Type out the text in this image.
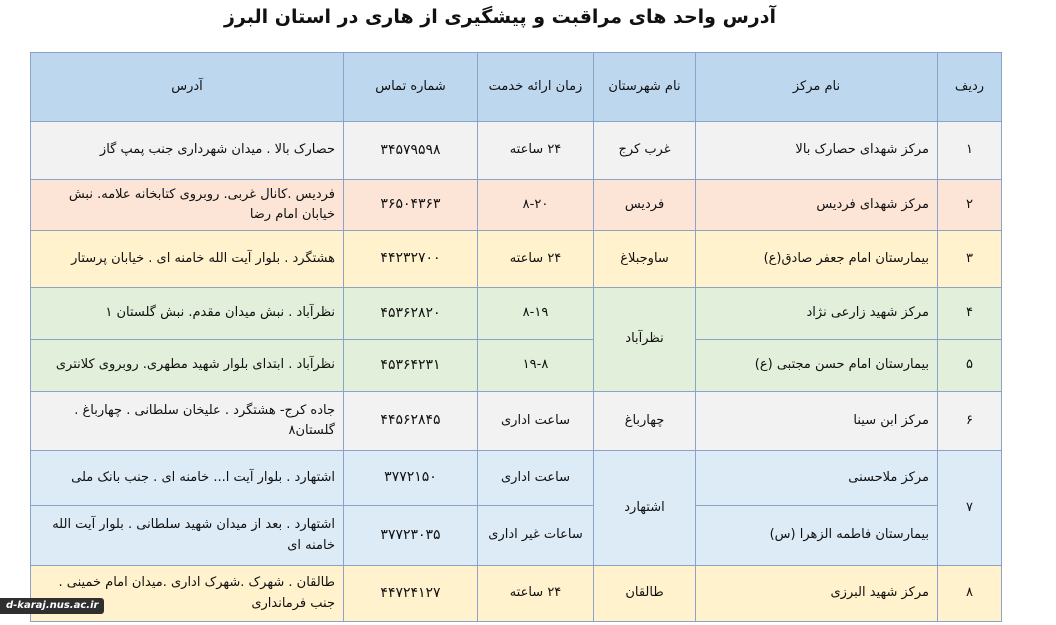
آدرس واحد های مراقبت و پیشگیری از هاری در استان البرز
ردیف	نام مرکز	نام شهرستان	زمان ارائه خدمت	شماره تماس	آدرس
۱	مرکز شهدای حصارک بالا	غرب کرج	۲۴ ساعته	۳۴۵۷۹۵۹۸	حصارک بالا . میدان شهرداری جنب پمپ گاز
۲	مرکز شهدای فردیس	فردیس	۸-۲۰	۳۶۵۰۴۳۶۳	فردیس .کانال غربی. روبروی کتابخانه علامه. نبش خیابان امام رضا
۳	بیمارستان امام جعفر صادق(ع)	ساوجبلاغ	۲۴ ساعته	۴۴۲۳۲۷۰۰	هشتگرد . بلوار آیت الله خامنه ای . خیابان پرستار
۴	مرکز شهید زارعی نژاد	نظرآباد	۸-۱۹	۴۵۳۶۲۸۲۰	نظرآباد . نبش میدان مقدم. نبش گلستان ۱
۵	بیمارستان امام حسن مجتبی (ع)		۱۹-۸	۴۵۳۶۴۲۳۱	نظرآباد . ابتدای بلوار شهید مطهری. روبروی کلانتری
۶	مرکز ابن سینا	چهارباغ	ساعت اداری	۴۴۵۶۲۸۴۵	جاده کرج- هشتگرد . علیخان سلطانی . چهارباغ . گلستان۸
۷	مرکز ملاحسنی	اشتهارد	ساعت اداری	۳۷۷۲۱۵۰	اشتهارد . بلوار آیت ا... خامنه ای . جنب بانک ملی
	بیمارستان فاطمه الزهرا (س)		ساعات غیر اداری	۳۷۷۲۳۰۳۵	اشتهارد . بعد از میدان شهید سلطانی . بلوار آیت الله خامنه ای
۸	مرکز شهید البرزی	طالقان	۲۴ ساعته	۴۴۷۲۴۱۲۷	طالقان . شهرک .شهرک اداری .میدان امام خمینی . جنب فرمانداری
d-karaj.nus.ac.ir
